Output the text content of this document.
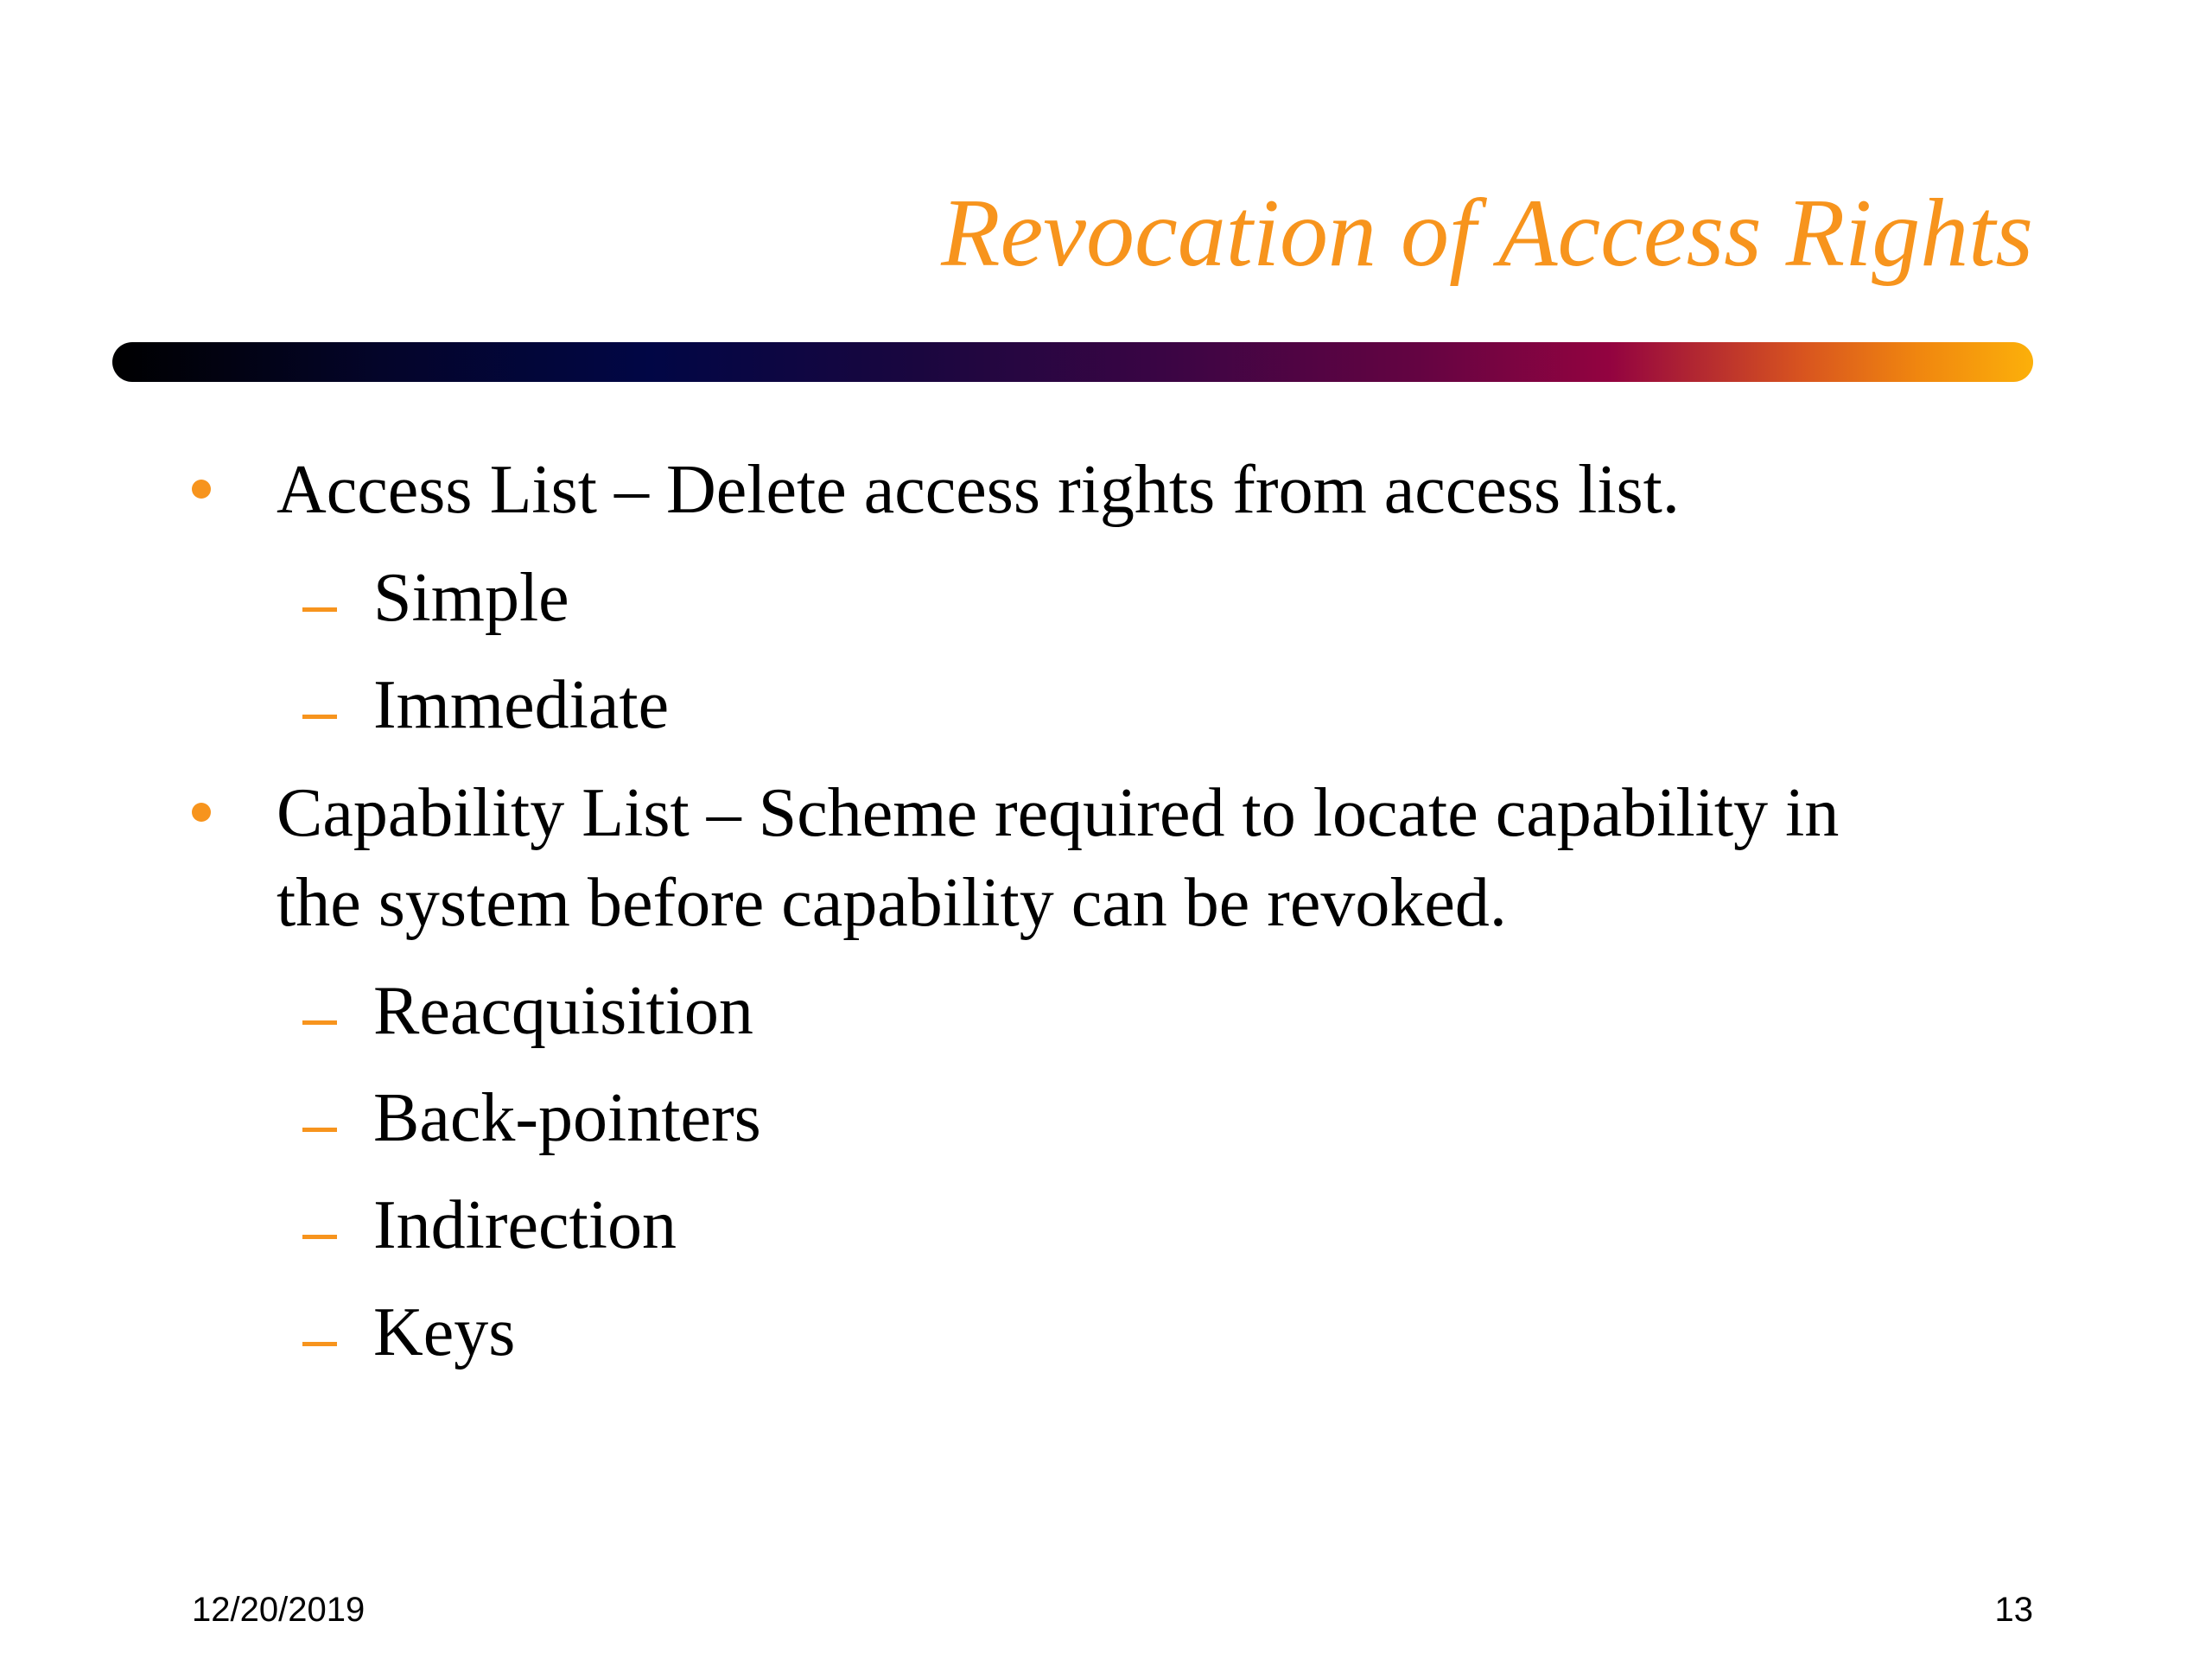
Revocation of Access Rights
Access List – Delete access rights from access list.
Simple
Immediate
Capability List – Scheme required to locate capability in
the system before capability can be revoked.
Reacquisition
Back-pointers
Indirection
Keys
12/20/2019	13
